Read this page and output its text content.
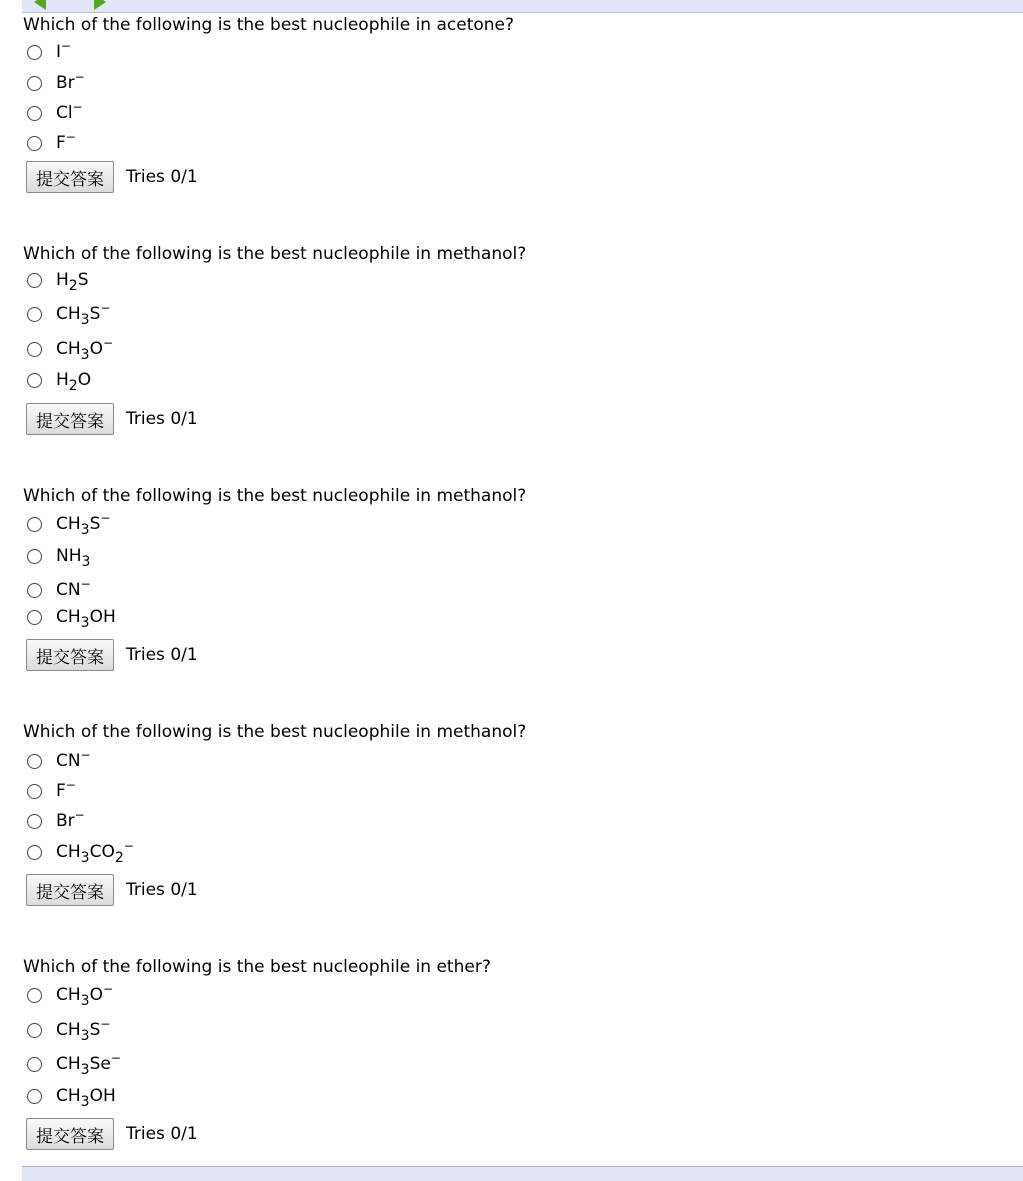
Which of the following is the best nucleophile in acetone?

I−
Br−
Cl−
F−
提交答案	Tries 0/1

Which of the following is the best nucleophile in methanol?

$H_2S$
$CH_3S^-$
$CH_3O^-$
$H_2O$
提交答案	Tries 0/1

Which of the following is the best nucleophile in methanol?

$CH_3S^-$
$NH_3$
CN−
$CH_3OH$
提交答案	Tries 0/1

Which of the following is the best nucleophile in methanol?

CN−
F−
Br−
$CH_3CO_2^-$
提交答案	Tries 0/1

Which of the following is the best nucleophile in ether?

$CH_3O^-$
$CH_3S^-$
$CH_3Se^-$
$CH_3OH$
提交答案	Tries 0/1
